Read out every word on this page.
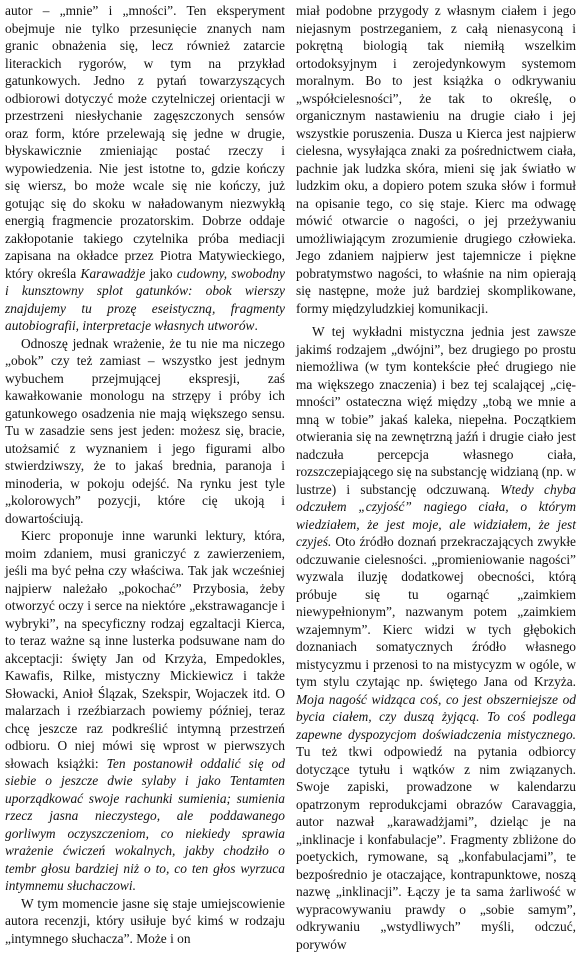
autor – „mnie” i „mności”. Ten eksperyment obejmuje nie tylko przesunięcie znanych nam granic obnażenia się, lecz również zatarcie literackich rygorów, w tym na przykład gatunkowych. Jedno z pytań towarzyszących odbiorowi dotyczyć może czytelniczej orientacji w przestrzeni niesłychanie zagęszczonych sensów oraz form, które przelewają się jedne w drugie, błyskawicznie zmieniając postać rzeczy i wypowiedzenia. Nie jest istotne to, gdzie kończy się wiersz, bo może wcale się nie kończy, już gotując się do skoku w naładowanym niezwykłą energią fragmencie prozatorskim. Dobrze oddaje zakłopotanie takiego czytelnika próba mediacji zapisana na okładce przez Piotra Matywieckiego, który określa Karawadżje jako cudowny, swobodny i kunsztowny splot gatunków: obok wierszy znajdujemy tu prozę eseistyczną, fragmenty autobiografii, interpretacje własnych utworów.

Odnoszę jednak wrażenie, że tu nie ma niczego „obok” czy też zamiast – wszystko jest jednym wybuchem przejmującej ekspresji, zaś kawałkowanie monologu na strzępy i próby ich gatunkowego osadzenia nie mają większego sensu. Tu w zasadzie sens jest jeden: możesz się, bracie, utożsamić z wyznaniem i jego figurami albo stwierdziwszy, że to jakaś brednia, paranoja i minoderia, w pokoju odejść. Na rynku jest tyle „kolorowych” pozycji, które cię ukoją i dowartościują.

Kierc proponuje inne warunki lektury, która, moim zdaniem, musi graniczyć z zawierzeniem, jeśli ma być pełna czy właściwa. Tak jak wcześniej najpierw należało „pokochać” Przybosia, żeby otworzyć oczy i serce na niektóre „ekstrawagancje i wybryki”, na specyficzny rodzaj egzaltacji Kiercа, to teraz ważne są inne lusterka podsuwane nam do akceptacji: święty Jan od Krzyża, Empedokles, Kawafis, Rilke, mistyczny Mickiewicz i także Słowacki, Anioł Ślązak, Szekspir, Wojaczek itd. O malarzach i rzeźbiarzach powiemy później, teraz chcę jeszcze raz podkreślić intymną przestrzeń odbioru. O niej mówi się wprost w pierwszych słowach książki: Ten postanowił oddalić się od siebie o jeszcze dwie sylaby i jako Tentamten uporządkować swoje rachunki sumienia; sumienia rzecz jasna nieczystego, ale poddawanego gorliwym oczyszczeniom, co niekiedy sprawia wrażenie ćwiczeń wokalnych, jakby chodziło o tembr głosu bardziej niż o to, co ten głos wyrzuca intymnemu słuchaczowi.

W tym momencie jasne się staje umiejscowienie autora recenzji, który usiłuje być kimś w rodzaju „intymnego słuchacza”. Może i on

miał podobne przygody z własnym ciałem i jego niejasnym postrzeganiem, z całą nienasyconą i pokrętną biologią tak niemiłą wszelkim ortodoksyjnym i zerojedynkowym systemom moralnym. Bo to jest książka o odkrywaniu „współcielesności”, że tak to określę, o organicznym nastawieniu na drugie ciało i jej wszystkie poruszenia. Dusza u Kierca jest najpierw cielesna, wysyłająca znaki za pośrednictwem ciała, pachnie jak ludzka skóra, mieni się jak światło w ludzkim oku, a dopiero potem szuka słów i formuł na opisanie tego, co się staje. Kierc ma odwagę mówić otwarcie o nagości, o jej przeżywaniu umożliwiającym zrozumienie drugiego człowieka. Jego zdaniem najpierw jest tajemnicze i piękne pobratymstwo nagości, to właśnie na nim opierają się następne, może już bardziej skomplikowane, formy międzyludzkiej komunikacji.

W tej wykładni mistyczna jednia jest zawsze jakimś rodzajem „dwójni”, bez drugiego po prostu niemożliwa (w tym kontekście płeć drugiego nie ma większego znaczenia) i bez tej scalającej „cię-mności” ostateczna więź między „tobą we mnie a mną w tobie” jakaś kaleka, niepełna. Początkiem otwierania się na zewnętrzną jaźń i drugie ciało jest nadczuła percepcja własnego ciała, rozszczepiającego się na substancję widzianą (np. w lustrze) i substancję odczuwaną. Wtedy chyba odczułem „czyjość” nagiego ciała, o którym wiedziałem, że jest moje, ale widziałem, że jest czyjeś. Oto źródło doznań przekraczających zwykłe odczuwanie cielesności. „promieniowanie nagości” wyzwala iluzję dodatkowej obecności, którą próbuje się tu ogarnąć „zaimkiem niewypełnionym”, nazwanym potem „zaimkiem wzajemnym”. Kierc widzi w tych głębokich doznaniach somatycznych źródło własnego mistycyzmu i przenosi to na mistycyzm w ogóle, w tym stylu czytając np. świętego Jana od Krzyża. Moja nagość widząca coś, co jest obszerniejsze od bycia ciałem, czy duszą żyjącą. To coś podlega zapewne dyspozycjom doświadczenia mistycznego. Tu też tkwi odpowiedź na pytania odbiorcy dotyczące tytułu i wątków z nim związanych. Swoje zapiski, prowadzone w kalendarzu opatrzonym reprodukcjami obrazów Caravaggia, autor nazwał „karawadżjami”, dzieląc je na „inklinacje i konfabulacje”. Fragmenty zbliżone do poetyckich, rymowane, są „konfabulacjami”, te bezpośrednio je otaczające, kontrapunktowe, noszą nazwę „inklinacji”. Łączy je ta sama żarliwość w wypracowywaniu prawdy o „sobie samym”, odkrywaniu „wstydliwych” myśli, odczuć, porywów
